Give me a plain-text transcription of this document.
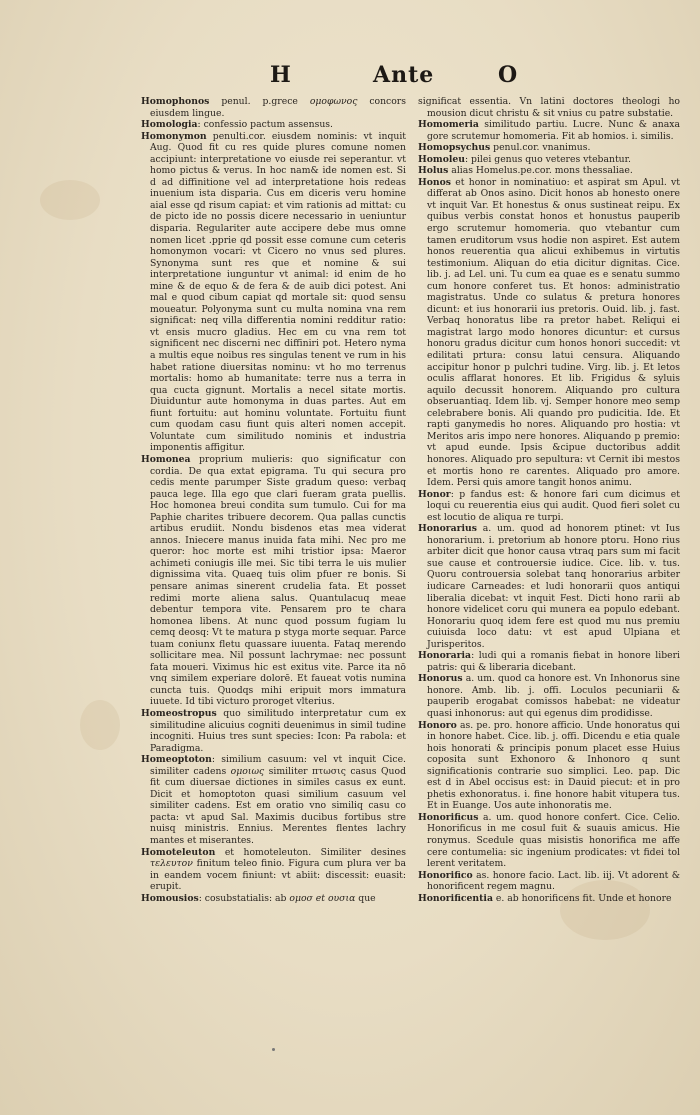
H	Ante	O

Homophonos penul. p.grece ομοφωνος concors eiusdem lingue.

Homologia: confessio pactum assensus.

Homonymon penulti.cor. eiusdem nominis: vt inquit Aug. Quod fit cu res quide plures comune nomen accipiunt: interpretatione vo eiusde rei seperantur. vt homo pictus & verus. In hoc nam& ide nomen est. Si d ad diffinitione vel ad interpretatione hois redeas inuenium ista disparia. Cus em diceris veru homine aial esse qd risum capiat: et vim rationis ad mittat: cu de picto ide no possis dicere necessario in ueniuntur disparia. Regulariter aute accipere debe mus omne nomen licet .pprie qd possit esse comune cum ceteris homonymon vocari: vt Cicero no vnus sed plures. Synonyma sunt res que et nomine & sui interpretatione iunguntur vt animal: id enim de ho mine & de equo & de fera & de auib dici potest. Ani mal e quod cibum capiat qd mortale sit: quod sensu moueatur. Polyonyma sunt cu multa nomina vna rem significat: neq villa differentia nomini redditur ratio: vt ensis mucro gladius. Hec em cu vna rem tot significent nec discerni nec diffiniri pot. Hetero nyma a multis eque noibus res singulas tenent ve rum in his habet ratione diuersitas nominu: vt ho mo terrenus mortalis: homo ab humanitate: terre nus a terra in qua cucta gignunt. Mortalis a necel sitate mortis. Diuiduntur aute homonyma in duas partes. Aut em fiunt fortuitu: aut hominu voluntate. Fortuitu fiunt cum quodam casu fiunt quis alteri nomen accepit. Voluntate cum similitudo nominis et industria imponentis affigitur.

Homonea proprium mulieris: quo significatur con cordia. De qua extat epigrama. Tu qui secura pro cedis mente parumper Siste gradum queso: verbaq pauca lege. Illa ego que clari fueram grata puellis. Hoc homonea breui condita sum tumulo. Cui for ma Paphie charites tribuere decorem. Qua pallas cunctis artibus erudiit. Nondu bisdenos etas mea viderat annos. Iniecere manus inuida fata mihi. Nec pro me queror: hoc morte est mihi tristior ipsa: Maeror achimeti coniugis ille mei. Sic tibi terra le uis mulier dignissima vita. Quaeq tuis olim pfuer re bonis. Si pensare animas sinerent crudelia fata. Et posset redimi morte aliena salus. Quantulacuq meae debentur tempora vite. Pensarem pro te chara homonea libens. At nunc quod possum fugiam lu cemq deosq: Vt te matura p styga morte sequar. Parce tuam coniunx fletu quassare iuuenta. Fataq merendo sollicitare mea. Nil possunt lachrymae: nec possunt fata moueri. Viximus hic est exitus vite. Parce ita nō vnq similem experiare dolorē. Et faueat votis numina cuncta tuis. Quodqs mihi eripuit mors immatura iuuete. Id tibi victuro proroget vlterius.

Homeostropus quo similitudo interpretatur cum ex similitudine alicuius cogniti deuenimus in simil tudine incogniti. Huius tres sunt species: Icon: Pa rabola: et Paradigma.

Homeoptoton: similium casuum: vel vt inquit Cice. similiter cadens ομοιως similiter πτωσις casus Quod fit cum diuersae dictiones in similes casus ex eunt. Dicit et homoptoton quasi similium casuum vel similiter cadens. Est em oratio vno similiq casu co pacta: vt apud Sal. Maximis ducibus fortibus stre nuisq ministris. Ennius. Merentes flentes lachry mantes et miserantes.

Homoteleuton et homoteleuton. Similiter desines τελευτον finitum teleo finio. Figura cum plura ver ba in eandem vocem finiunt: vt abiit: discessit: euasit: erupit.

Homousios: cosubstatialis: ab ομοσ et ουσια que

significat essentia. Vn latini doctores theologi ho mousion dicut christu & sit vnius cu patre substatie.

Homomeria similitudo partiu. Lucre. Nunc & anaxa gore scrutemur homomeria. Fit ab homios. i. similis.

Homopsychus penul.cor. vnanimus.

Homoleu: pilei genus quo veteres vtebantur.

Holus alias Homelus.pe.cor. mons thessaliae.

Honos et honor in nominatiuo: et aspirat sm Apul. vt differat ab Onos asino. Dicit honos ab honesto onere vt inquit Var. Et honestus & onus sustineat reipu. Ex quibus verbis constat honos et honustus pauperib ergo scrutemur homomeria. quo vtebantur cum tamen eruditorum vsus hodie non aspiret. Est autem honos reuerentia qua alicui exhibemus in virtutis testimonium. Aliquan do etia dicitur dignitas. Cice. lib. j. ad Lel. uni. Tu cum ea quae es e senatu summo cum honore conferet tus. Et honos: administratio magistratus. Unde co sulatus & pretura honores dicunt: et ius honorarii ius pretoris. Ouid. lib. j. fast. Verbaq honoratus libe ra pretor habet. Reliqui ei magistrat largo modo honores dicuntur: et cursus honoru gradus dicitur cum honos honori succedit: vt edilitati prtura: consu latui censura. Aliquando accipitur honor p pulchri tudine. Virg. lib. j. Et letos oculis afflarat honores. Et lib. Frigidus & syluis aquilo decussit honorem. Aliquando pro cultura obseruantiaq. Idem lib. vj. Semper honore meo semp celebrabere bonis. Ali quando pro pudicitia. Ide. Et rapti ganymedis ho nores. Aliquando pro hostia: vt Meritos aris impo nere honores. Aliquando p premio: vt apud eunde. Ipsis &cipue ductoribus addit honores. Aliquado pro sepultura: vt Cernit ibi mestos et mortis hono re carentes. Aliquado pro amore. Idem. Persi quis amore tangit honos animu.

Honor: p fandus est: & honore fari cum dicimus et loqui cu reuerentia eius qui audit. Quod fieri solet cu est locutio de aliqua re turpi.

Honorarius a. um. quod ad honorem ptinet: vt Ius honorarium. i. pretorium ab honore ptoru. Hono rius arbiter dicit que honor causa vtraq pars sum mi facit sue cause et controuersie iudice. Cice. lib. v. tus. Quoru controuersia solebat tanq honorarius arbiter iudicare Carneades: et ludi honorarii quos antiqui liberalia dicebat: vt inquit Fest. Dicti hono rarii ab honore videlicet coru qui munera ea populo edebant. Honorariu quoq idem fere est quod mu nus premiu cuiuisda loco datu: vt est apud Ulpiana et Jurisperitos.

Honoraria: ludi qui a romanis fiebat in honore liberi patris: qui & liberaria dicebant.

Honorus a. um. quod ca honore est. Vn Inhonorus sine honore. Amb. lib. j. offi. Loculos pecuniarii & pauperib erogabat comissos habebat: ne videatur quasi inhonorus: aut qui egenus dim prodidisse.

Honoro as. pe. pro. honore afficio. Unde honoratus qui in honore habet. Cice. lib. j. offi. Dicendu e etia quale hois honorati & principis ponum placet esse Huius coposita sunt Exhonoro & Inhonoro q sunt significationis contrarie suo simplici. Leo. pap. Dic est d in Abel occisus est: in Dauid piecut: et in pro phetis exhonoratus. i. fine honore habit vitupera tus. Et in Euange. Uos aute inhonoratis me.

Honorificus a. um. quod honore confert. Cice. Celio. Honorificus in me cosul fuit & suauis amicus. Hie ronymus. Scedule quas misistis honorifica me affe cere contumelia: sic ingenium prodicates: vt fidei tol lerent veritatem.

Honorifico as. honore facio. Lact. lib. iij. Vt adorent & honorificent regem magnu.

Honorificentia e. ab honorificens fit. Unde et honore
